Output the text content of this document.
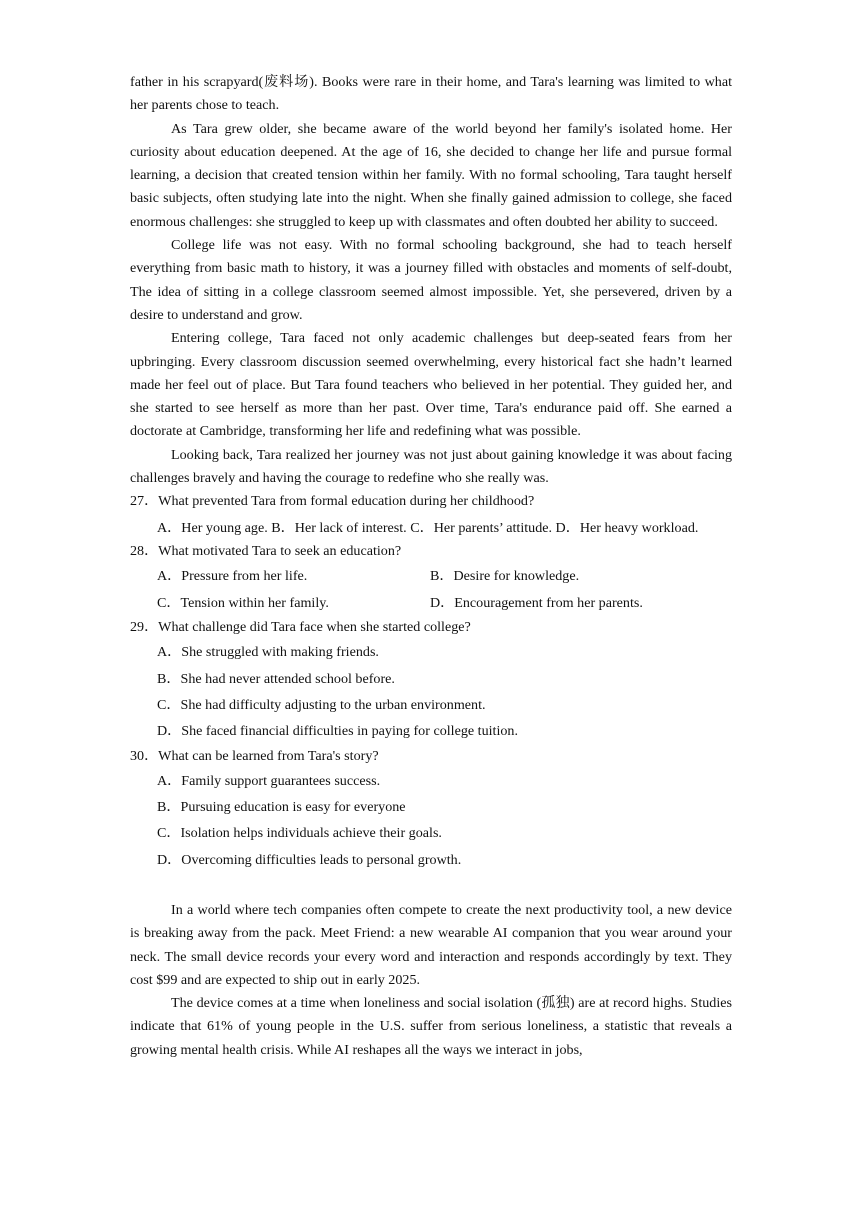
father in his scrapyard(废料场). Books were rare in their home, and Tara's learning was limited to what her parents chose to teach.

As Tara grew older, she became aware of the world beyond her family's isolated home. Her curiosity about education deepened. At the age of 16, she decided to change her life and pursue formal learning, a decision that created tension within her family. With no formal schooling, Tara taught herself basic subjects, often studying late into the night. When she finally gained admission to college, she faced enormous challenges: she struggled to keep up with classmates and often doubted her ability to succeed.

College life was not easy. With no formal schooling background, she had to teach herself everything from basic math to history, it was a journey filled with obstacles and moments of self-doubt, The idea of sitting in a college classroom seemed almost impossible. Yet, she persevered, driven by a desire to understand and grow.

Entering college, Tara faced not only academic challenges but deep-seated fears from her upbringing. Every classroom discussion seemed overwhelming, every historical fact she hadn’t learned made her feel out of place. But Tara found teachers who believed in her potential. They guided her, and she started to see herself as more than her past. Over time, Tara's endurance paid off. She earned a doctorate at Cambridge, transforming her life and redefining what was possible.

Looking back, Tara realized her journey was not just about gaining knowledge it was about facing challenges bravely and having the courage to redefine who she really was.

27．What prevented Tara from formal education during her childhood?
A．Her young age. B．Her lack of interest. C．Her parents’ attitude. D．Her heavy workload.
28．What motivated Tara to seek an education?
A．Pressure from her life.	B．Desire for knowledge.
C．Tension within her family.	D．Encouragement from her parents.
29．What challenge did Tara face when she started college?
A．She struggled with making friends.
B．She had never attended school before.
C．She had difficulty adjusting to the urban environment.
D．She faced financial difficulties in paying for college tuition.
30．What can be learned from Tara's story?
A．Family support guarantees success.
B．Pursuing education is easy for everyone
C．Isolation helps individuals achieve their goals.
D．Overcoming difficulties leads to personal growth.

In a world where tech companies often compete to create the next productivity tool, a new device is breaking away from the pack. Meet Friend: a new wearable AI companion that you wear around your neck. The small device records your every word and interaction and responds accordingly by text. They cost $99 and are expected to ship out in early 2025.

The device comes at a time when loneliness and social isolation (孤独) are at record highs. Studies indicate that 61% of young people in the U.S. suffer from serious loneliness, a statistic that reveals a growing mental health crisis. While AI reshapes all the ways we interact in jobs,
